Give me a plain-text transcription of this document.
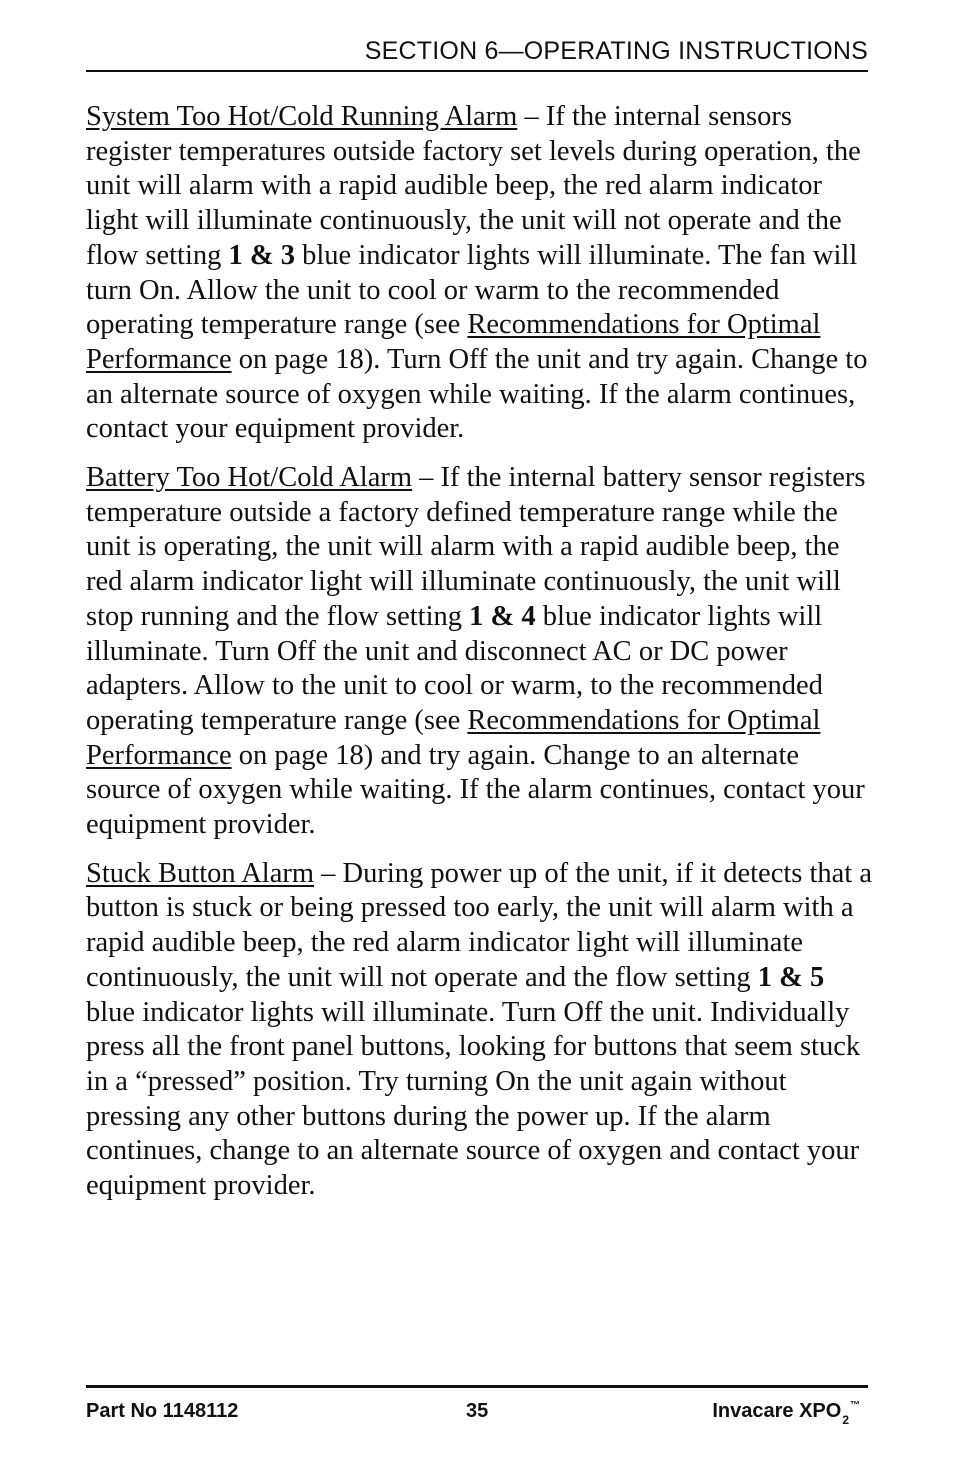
SECTION 6—OPERATING INSTRUCTIONS

System Too Hot/Cold Running Alarm – If the internal sensors register temperatures outside factory set levels during operation, the unit will alarm with a rapid audible beep, the red alarm indicator light will illuminate continuously, the unit will not operate and the flow setting 1 & 3 blue indicator lights will illuminate. The fan will turn On. Allow the unit to cool or warm to the recommended operating temperature range (see Recommendations for Optimal Performance on page 18). Turn Off the unit and try again. Change to an alternate source of oxygen while waiting. If the alarm continues, contact your equipment provider.

Battery Too Hot/Cold Alarm – If the internal battery sensor registers temperature outside a factory defined temperature range while the unit is operating, the unit will alarm with a rapid audible beep, the red alarm indicator light will illuminate continuously, the unit will stop running and the flow setting 1 & 4 blue indicator lights will illuminate. Turn Off the unit and disconnect AC or DC power adapters. Allow to the unit to cool or warm, to the recommended operating temperature range (see Recommendations for Optimal Performance on page 18) and try again. Change to an alternate source of oxygen while waiting. If the alarm continues, contact your equipment provider.

Stuck Button Alarm – During power up of the unit, if it detects that a button is stuck or being pressed too early, the unit will alarm with a rapid audible beep, the red alarm indicator light will illuminate continuously, the unit will not operate and the flow setting 1 & 5 blue indicator lights will illuminate. Turn Off the unit. Individually press all the front panel buttons, looking for buttons that seem stuck in a “pressed” position. Try turning On the unit again without pressing any other buttons during the power up. If the alarm continues, change to an alternate source of oxygen and contact your equipment provider.

Part No 1148112	35	Invacare $XPO_2™$
